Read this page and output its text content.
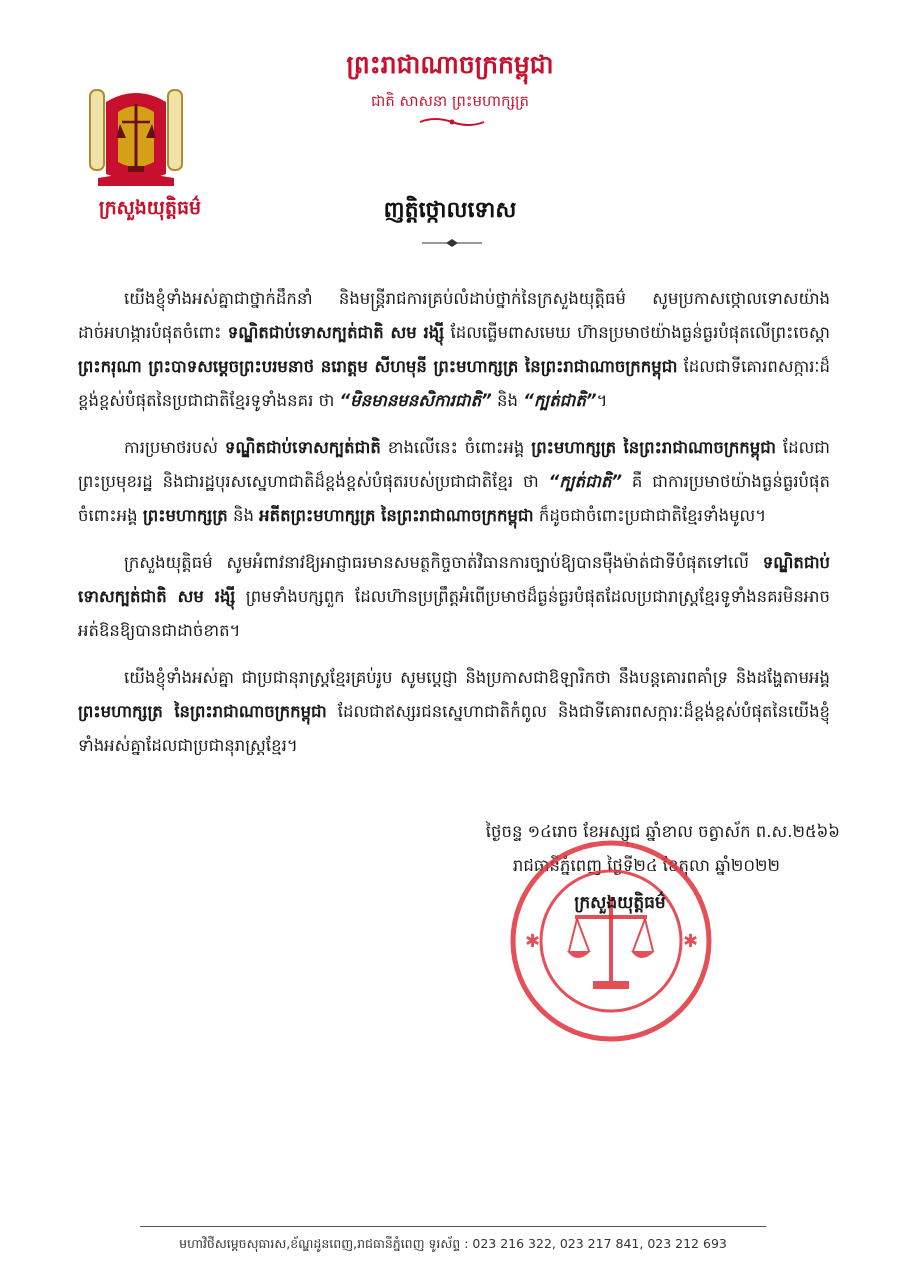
ក្រសួងយុត្តិធម៌
ព្រះរាជាណាចក្រកម្ពុជា
ជាតិ សាសនា ព្រះមហាក្សត្រ
ញត្តិថ្កោលទោស

យើងខ្ញុំទាំងអស់គ្នាជាថ្នាក់ដឹកនាំ និងមន្ត្រីរាជការគ្រប់លំដាប់ថ្នាក់នៃក្រសួងយុត្តិធម៌ សូមប្រកាសថ្កោលទោសយ៉ាងដាច់អហង្ការបំផុតចំពោះ ទណ្ឌិតជាប់ទោសក្បត់ជាតិ សម រង្ស៊ី ដែលធ្លើមពាសមេឃ ហ៊ានប្រមាថយ៉ាងធ្ងន់ធ្ងរបំផុតលើព្រះចេស្តា ព្រះករុណា ព្រះបាទសម្តេចព្រះបរមនាថ នរោត្តម សីហមុនី ព្រះមហាក្សត្រ នៃព្រះរាជាណាចក្រកម្ពុជា ដែលជាទីគោរពសក្ការៈដ៏ខ្ពង់ខ្ពស់បំផុតនៃប្រជាជាតិខ្មែរទូទាំងនគរ ថា “មិនមានមនសិការជាតិ” និង “ក្បត់ជាតិ”។

ការប្រមាថរបស់ ទណ្ឌិតជាប់ទោសក្បត់ជាតិ ខាងលើនេះ ចំពោះអង្គ ព្រះមហាក្សត្រ នៃព្រះរាជាណាចក្រកម្ពុជា ដែលជាព្រះប្រមុខរដ្ឋ និងជារដ្ឋបុរសស្នេហាជាតិដ៏ខ្ពង់ខ្ពស់បំផុតរបស់ប្រជាជាតិខ្មែរ ថា “ក្បត់ជាតិ” គឺ ជាការប្រមាថយ៉ាងធ្ងន់ធ្ងរបំផុតចំពោះអង្គ ព្រះមហាក្សត្រ និង អតីតព្រះមហាក្សត្រ នៃព្រះរាជាណាចក្រកម្ពុជា ក៏ដូចជាចំពោះប្រជាជាតិខ្មែរទាំងមូល។

ក្រសួងយុត្តិធម៌ សូមអំពាវនាវឱ្យអាជ្ញាធរមានសមត្ថកិច្ចចាត់វិធានការច្បាប់ឱ្យបានម៉ឺងម៉ាត់ជាទីបំផុតទៅលើ ទណ្ឌិតជាប់ទោសក្បត់ជាតិ សម រង្ស៊ី ព្រមទាំងបក្សពួក ដែលហ៊ានប្រព្រឹត្តអំពើប្រមាថដ៏ធ្ងន់ធ្ងរបំផុតដែលប្រជារាស្ត្រខ្មែរទូទាំងនគរមិនអាចអត់ឱនឱ្យបានជាដាច់ខាត។

យើងខ្ញុំទាំងអស់គ្នា ជាប្រជានុរាស្ត្រខ្មែរគ្រប់រូប សូមប្តេជ្ញា និងប្រកាសជាឱឡារិកថា នឹងបន្តគោរពគាំទ្រ និងដង្ហែតាមអង្គ ព្រះមហាក្សត្រ នៃព្រះរាជាណាចក្រកម្ពុជា ដែលជាឥស្សរជនស្នេហាជាតិកំពូល និងជាទីគោរពសក្ការៈដ៏ខ្ពង់ខ្ពស់បំផុតនៃយើងខ្ញុំទាំងអស់គ្នាដែលជាប្រជានុរាស្ត្រខ្មែរ។

ថ្ងៃចន្ទ ១៤រោច ខែអស្សុជ ឆ្នាំខាល ចត្វាស័ក ព.ស.២៥៦៦
រាជធានីភ្នំពេញ ថ្ងៃទី២៤ ខែតុលា ឆ្នាំ២០២២
✱	✱
ក្រសួងយុត្តិធម៌
មហាវិថីសម្តេចសុធារស,ខ័ណ្ឌដូនពេញ,រាជធានីភ្នំពេញ ទូរស័ព្ទ : 023 216 322, 023 217 841, 023 212 693
